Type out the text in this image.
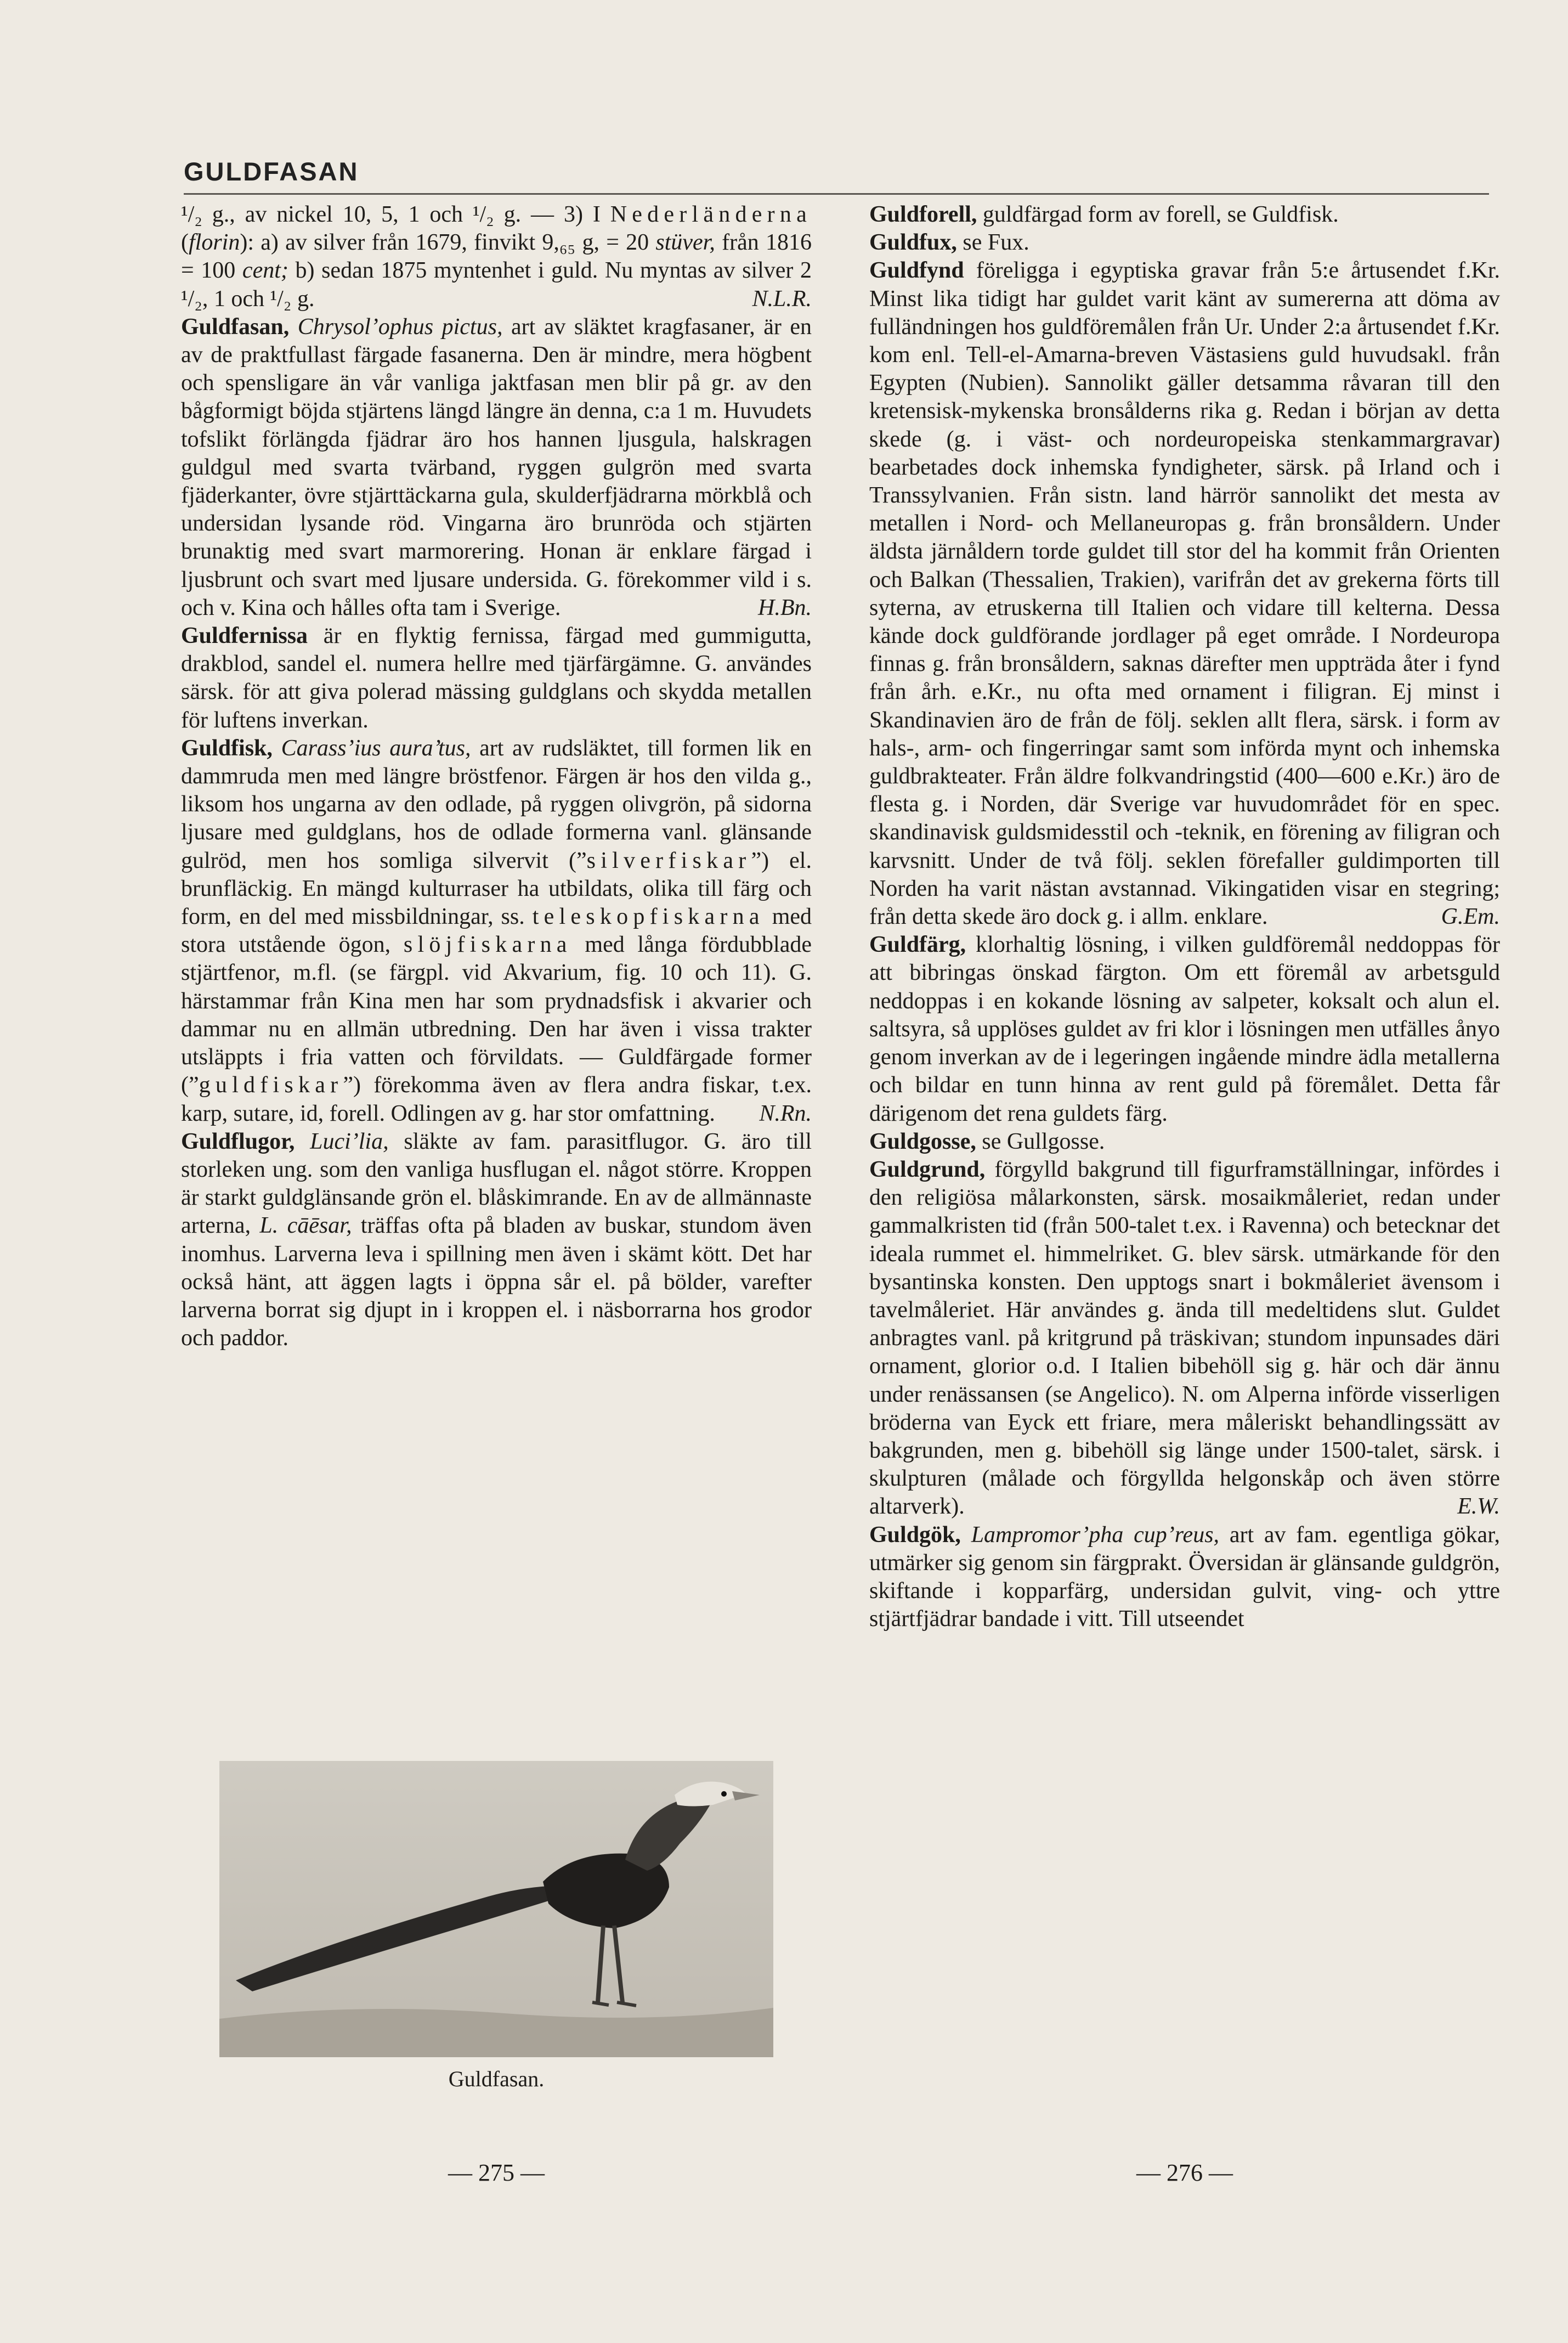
GULDFASAN

¹/₂ g., av nickel 10, 5, 1 och ¹/₂ g. — 3) I Nederländerna (florin): a) av silver från 1679, finvikt 9,₆₅ g, = 20 stüver, från 1816 = 100 cent; b) sedan 1875 myntenhet i guld. Nu myntas av silver 2 ¹/₂, 1 och ¹/₂ g.	N.L.R.

Guldfasan, Chrysol’ophus pictus, art av släktet kragfasaner, är en av de praktfullast färgade fasanerna. Den är mindre, mera högbent och spensligare än vår vanliga jaktfasan men blir på gr. av den bågformigt böjda stjärtens längd längre än denna, c:a 1 m. Huvudets tofslikt förlängda fjädrar äro hos hannen ljusgula, halskragen guldgul med svarta tvärband, ryggen gulgrön med svarta fjäderkanter, övre stjärttäckarna gula, skulderfjädrarna mörkblå och undersidan lysande röd. Vingarna äro brunröda och stjärten brunaktig med svart marmorering. Honan är enklare färgad i ljusbrunt och svart med ljusare undersida. G. förekommer vild i s. och v. Kina och hålles ofta tam i Sverige.	H.Bn.

Guldfernissa är en flyktig fernissa, färgad med gummigutta, drakblod, sandel el. numera hellre med tjärfärgämne. G. användes särsk. för att giva polerad mässing guldglans och skydda metallen för luftens inverkan.

Guldfisk, Carass’ius aura’tus, art av rudsläktet, till formen lik en dammruda men med längre bröstfenor. Färgen är hos den vilda g., liksom hos ungarna av den odlade, på ryggen olivgrön, på sidorna ljusare med guldglans, hos de odlade formerna vanl. glänsande gulröd, men hos somliga silvervit (”silverfiskar”) el. brunfläckig. En mängd kulturraser ha utbildats, olika till färg och form, en del med missbildningar, ss. teleskopfiskarna med stora utstående ögon, slöjfiskarna med långa fördubblade stjärtfenor, m.fl. (se färgpl. vid Akvarium, fig. 10 och 11). G. härstammar från Kina men har som prydnadsfisk i akvarier och dammar nu en allmän utbredning. Den har även i vissa trakter utsläppts i fria vatten och förvildats. — Guldfärgade former (”guldfiskar”) förekomma även av flera andra fiskar, t.ex. karp, sutare, id, forell. Odlingen av g. har stor omfattning.	N.Rn.

Guldflugor, Luci’lia, släkte av fam. parasitflugor. G. äro till storleken ung. som den vanliga husflugan el. något större. Kroppen är starkt guldglänsande grön el. blåskimrande. En av de allmännaste arterna, L. cāēsar, träffas ofta på bladen av buskar, stundom även inomhus. Larverna leva i spillning men även i skämt kött. Det har också hänt, att äggen lagts i öppna sår el. på bölder, varefter larverna borrat sig djupt in i kroppen el. i näsborrarna hos grodor och paddor.

Guldforell, guldfärgad form av forell, se Guldfisk.

Guldfux, se Fux.

Guldfynd föreligga i egyptiska gravar från 5:e årtusendet f.Kr. Minst lika tidigt har guldet varit känt av sumererna att döma av fulländningen hos guldföremålen från Ur. Under 2:a årtusendet f.Kr. kom enl. Tell-el-Amarna-breven Västasiens guld huvudsakl. från Egypten (Nubien). Sannolikt gäller detsamma råvaran till den kretensisk-mykenska bronsålderns rika g. Redan i början av detta skede (g. i väst- och nordeuropeiska stenkammargravar) bearbetades dock inhemska fyndigheter, särsk. på Irland och i Transsylvanien. Från sistn. land härrör sannolikt det mesta av metallen i Nord- och Mellaneuropas g. från bronsåldern. Under äldsta järnåldern torde guldet till stor del ha kommit från Orienten och Balkan (Thessalien, Trakien), varifrån det av grekerna förts till syterna, av etruskerna till Italien och vidare till kelterna. Dessa kände dock guldförande jordlager på eget område. I Nordeuropa finnas g. från bronsåldern, saknas därefter men uppträda åter i fynd från årh. e.Kr., nu ofta med ornament i filigran. Ej minst i Skandinavien äro de från de följ. seklen allt flera, särsk. i form av hals-, arm- och fingerringar samt som införda mynt och inhemska guldbrakteater. Från äldre folkvandringstid (400—600 e.Kr.) äro de flesta g. i Norden, där Sverige var huvudområdet för en spec. skandinavisk guldsmidesstil och -teknik, en förening av filigran och karvsnitt. Under de två följ. seklen förefaller guldimporten till Norden ha varit nästan avstannad. Vikingatiden visar en stegring; från detta skede äro dock g. i allm. enklare.	G.Em.

Guldfärg, klorhaltig lösning, i vilken guldföremål neddoppas för att bibringas önskad färgton. Om ett föremål av arbetsguld neddoppas i en kokande lösning av salpeter, koksalt och alun el. saltsyra, så upplöses guldet av fri klor i lösningen men utfälles ånyo genom inverkan av de i legeringen ingående mindre ädla metallerna och bildar en tunn hinna av rent guld på föremålet. Detta får därigenom det rena guldets färg.

Guldgosse, se Gullgosse.

Guldgrund, förgylld bakgrund till figurframställningar, infördes i den religiösa målarkonsten, särsk. mosaikmåleriet, redan under gammalkristen tid (från 500-talet t.ex. i Ravenna) och betecknar det ideala rummet el. himmelriket. G. blev särsk. utmärkande för den bysantinska konsten. Den upptogs snart i bokmåleriet ävensom i tavelmåleriet. Här användes g. ända till medeltidens slut. Guldet anbragtes vanl. på kritgrund på träskivan; stundom inpunsades däri ornament, glorior o.d. I Italien bibehöll sig g. här och där ännu under renässansen (se Angelico). N. om Alperna införde visserligen bröderna van Eyck ett friare, mera måleriskt behandlingssätt av bakgrunden, men g. bibehöll sig länge under 1500-talet, särsk. i skulpturen (målade och förgyllda helgonskåp och även större altarverk).	E.W.

Guldgök, Lampromor’pha cup’reus, art av fam. egentliga gökar, utmärker sig genom sin färgprakt. Översidan är glänsande guldgrön, skiftande i kopparfärg, undersidan gulvit, ving- och yttre stjärtfjädrar bandade i vitt. Till utseendet

Guldfasan.
— 275 —	— 276 —
